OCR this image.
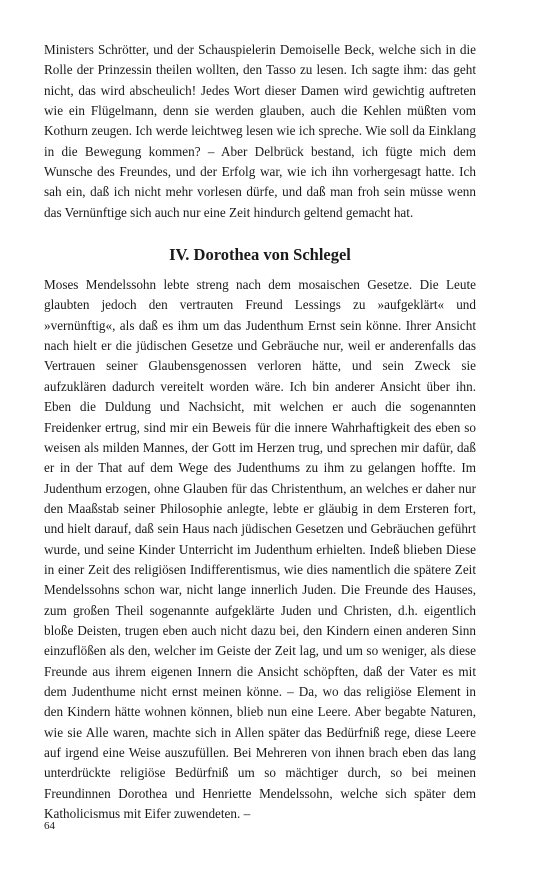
Ministers Schrötter, und der Schauspielerin Demoiselle Beck, welche sich in die Rolle der Prinzessin theilen wollten, den Tasso zu lesen. Ich sagte ihm: das geht nicht, das wird abscheulich! Jedes Wort dieser Damen wird gewichtig auftreten wie ein Flügelmann, denn sie werden glauben, auch die Kehlen müßten vom Kothurn zeugen. Ich werde leichtweg lesen wie ich spreche. Wie soll da Einklang in die Bewegung kommen? – Aber Delbrück bestand, ich fügte mich dem Wunsche des Freundes, und der Erfolg war, wie ich ihn vorhergesagt hatte. Ich sah ein, daß ich nicht mehr vorlesen dürfe, und daß man froh sein müsse wenn das Vernünftige sich auch nur eine Zeit hindurch geltend gemacht hat.

IV. Dorothea von Schlegel

Moses Mendelssohn lebte streng nach dem mosaischen Gesetze. Die Leute glaubten jedoch den vertrauten Freund Lessings zu »aufgeklärt« und »vernünftig«, als daß es ihm um das Judenthum Ernst sein könne. Ihrer Ansicht nach hielt er die jüdischen Gesetze und Gebräuche nur, weil er anderenfalls das Vertrauen seiner Glaubensgenossen verloren hätte, und sein Zweck sie aufzuklären dadurch vereitelt worden wäre. Ich bin anderer Ansicht über ihn. Eben die Duldung und Nachsicht, mit welchen er auch die sogenannten Freidenker ertrug, sind mir ein Beweis für die innere Wahrhaftigkeit des eben so weisen als milden Mannes, der Gott im Herzen trug, und sprechen mir dafür, daß er in der That auf dem Wege des Judenthums zu ihm zu gelangen hoffte. Im Judenthum erzogen, ohne Glauben für das Christenthum, an welches er daher nur den Maaßstab seiner Philosophie anlegte, lebte er gläubig in dem Ersteren fort, und hielt darauf, daß sein Haus nach jüdischen Gesetzen und Gebräuchen geführt wurde, und seine Kinder Unterricht im Judenthum erhielten. Indeß blieben Diese in einer Zeit des religiösen Indifferentismus, wie dies namentlich die spätere Zeit Mendelssohns schon war, nicht lange innerlich Juden. Die Freunde des Hauses, zum großen Theil sogenannte aufgeklärte Juden und Christen, d.h. eigentlich bloße Deisten, trugen eben auch nicht dazu bei, den Kindern einen anderen Sinn einzuflößen als den, welcher im Geiste der Zeit lag, und um so weniger, als diese Freunde aus ihrem eigenen Innern die Ansicht schöpften, daß der Vater es mit dem Judenthume nicht ernst meinen könne. – Da, wo das religiöse Element in den Kindern hätte wohnen können, blieb nun eine Leere. Aber begabte Naturen, wie sie Alle waren, machte sich in Allen später das Bedürfniß rege, diese Leere auf irgend eine Weise auszufüllen. Bei Mehreren von ihnen brach eben das lang unterdrückte religiöse Bedürfniß um so mächtiger durch, so bei meinen Freundinnen Dorothea und Henriette Mendelssohn, welche sich später dem Katholicismus mit Eifer zuwendeten. –

64
